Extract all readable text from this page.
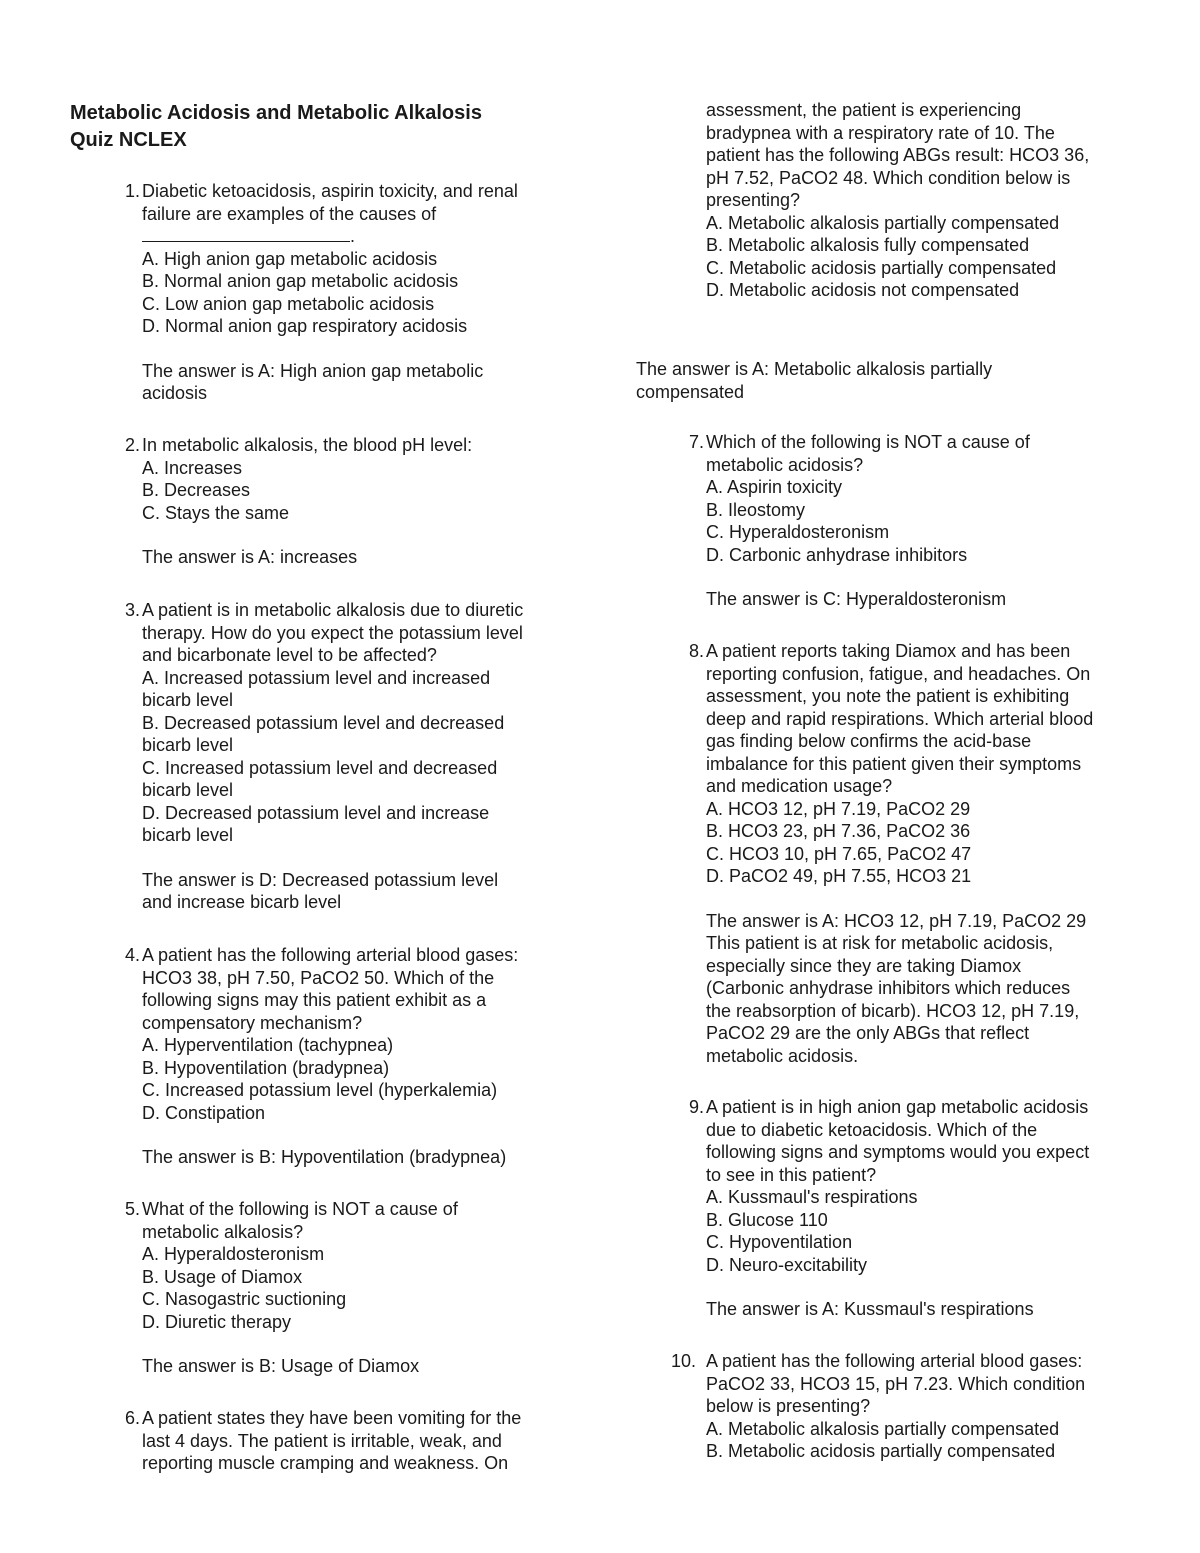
Metabolic Acidosis and Metabolic Alkalosis
Quiz NCLEX
1. Diabetic ketoacidosis, aspirin toxicity, and renal
failure are examples of the causes of
.
A. High anion gap metabolic acidosis
B. Normal anion gap metabolic acidosis
C. Low anion gap metabolic acidosis
D. Normal anion gap respiratory acidosis
The answer is A: High anion gap metabolic
acidosis
2. In metabolic alkalosis, the blood pH level:
A. Increases
B. Decreases
C. Stays the same
The answer is A: increases
3. A patient is in metabolic alkalosis due to diuretic
therapy. How do you expect the potassium level
and bicarbonate level to be affected?
A. Increased potassium level and increased
bicarb level
B. Decreased potassium level and decreased
bicarb level
C. Increased potassium level and decreased
bicarb level
D. Decreased potassium level and increase
bicarb level
The answer is D: Decreased potassium level
and increase bicarb level
4. A patient has the following arterial blood gases:
HCO3 38, pH 7.50, PaCO2 50. Which of the
following signs may this patient exhibit as a
compensatory mechanism?
A. Hyperventilation (tachypnea)
B. Hypoventilation (bradypnea)
C. Increased potassium level (hyperkalemia)
D. Constipation
The answer is B: Hypoventilation (bradypnea)
5. What of the following is NOT a cause of
metabolic alkalosis?
A. Hyperaldosteronism
B. Usage of Diamox
C. Nasogastric suctioning
D. Diuretic therapy
The answer is B: Usage of Diamox
6. A patient states they have been vomiting for the
last 4 days. The patient is irritable, weak, and
reporting muscle cramping and weakness. On
assessment, the patient is experiencing
bradypnea with a respiratory rate of 10. The
patient has the following ABGs result: HCO3 36,
pH 7.52, PaCO2 48. Which condition below is
presenting?
A. Metabolic alkalosis partially compensated
B. Metabolic alkalosis fully compensated
C. Metabolic acidosis partially compensated
D. Metabolic acidosis not compensated
The answer is A: Metabolic alkalosis partially
compensated
7. Which of the following is NOT a cause of
metabolic acidosis?
A. Aspirin toxicity
B. Ileostomy
C. Hyperaldosteronism
D. Carbonic anhydrase inhibitors
The answer is C: Hyperaldosteronism
8. A patient reports taking Diamox and has been
reporting confusion, fatigue, and headaches. On
assessment, you note the patient is exhibiting
deep and rapid respirations. Which arterial blood
gas finding below confirms the acid-base
imbalance for this patient given their symptoms
and medication usage?
A. HCO3 12, pH 7.19, PaCO2 29
B. HCO3 23, pH 7.36, PaCO2 36
C. HCO3 10, pH 7.65, PaCO2 47
D. PaCO2 49, pH 7.55, HCO3 21
The answer is A: HCO3 12, pH 7.19, PaCO2 29
This patient is at risk for metabolic acidosis,
especially since they are taking Diamox
(Carbonic anhydrase inhibitors which reduces
the reabsorption of bicarb). HCO3 12, pH 7.19,
PaCO2 29 are the only ABGs that reflect
metabolic acidosis.
9. A patient is in high anion gap metabolic acidosis
due to diabetic ketoacidosis. Which of the
following signs and symptoms would you expect
to see in this patient?
A. Kussmaul's respirations
B. Glucose 110
C. Hypoventilation
D. Neuro-excitability
The answer is A: Kussmaul's respirations
10. A patient has the following arterial blood gases:
PaCO2 33, HCO3 15, pH 7.23. Which condition
below is presenting?
A. Metabolic alkalosis partially compensated
B. Metabolic acidosis partially compensated
